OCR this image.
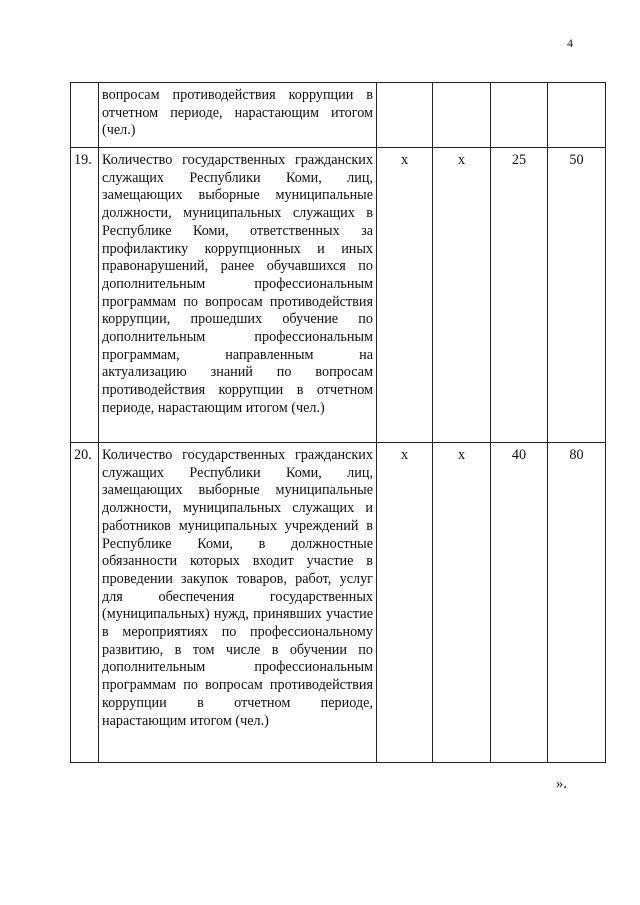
4
	вопросам противодействия коррупции в отчетном периоде, нарастающим итогом (чел.)				
19.	Количество государственных гражданских служащих Республики Коми, лиц, замещающих выборные муниципальные должности, муниципальных служащих в Республике Коми, ответственных за профилактику коррупционных и иных правонарушений, ранее обучавшихся по дополнительным профессиональным программам по вопросам противодействия коррупции, прошедших обучение по дополнительным профессиональным программам, направленным на актуализацию знаний по вопросам противодействия коррупции в отчетном периоде, нарастающим итогом (чел.)	x	x	25	50
20.	Количество государственных гражданских служащих Республики Коми, лиц, замещающих выборные муниципальные должности, муниципальных служащих и работников муниципальных учреждений в Республике Коми, в должностные обязанности которых входит участие в проведении закупок товаров, работ, услуг для обеспечения государственных (муниципальных) нужд, принявших участие в мероприятиях по профессиональному развитию, в том числе в обучении по дополнительным профессиональным программам по вопросам противодействия коррупции в отчетном периоде, нарастающим итогом (чел.)	x	x	40	80
».
